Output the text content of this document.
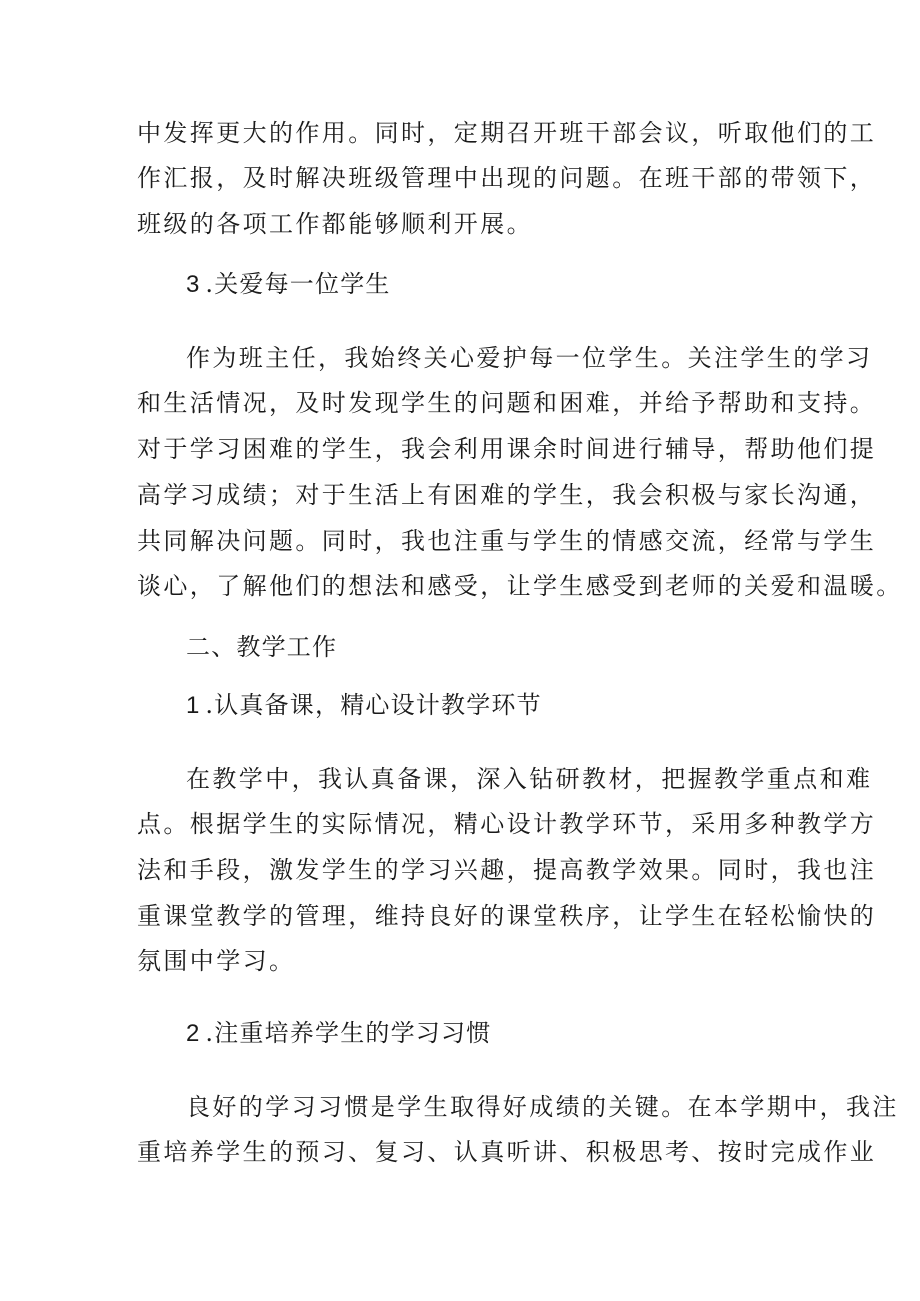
中发挥更大的作用。同时，定期召开班干部会议，听取他们的工
作汇报，及时解决班级管理中出现的问题。在班干部的带领下，
班级的各项工作都能够顺利开展。
3 .关爱每一位学生
作为班主任，我始终关心爱护每一位学生。关注学生的学习
和生活情况，及时发现学生的问题和困难，并给予帮助和支持。
对于学习困难的学生，我会利用课余时间进行辅导，帮助他们提
高学习成绩；对于生活上有困难的学生，我会积极与家长沟通，
共同解决问题。同时，我也注重与学生的情感交流，经常与学生
谈心，了解他们的想法和感受，让学生感受到老师的关爱和温暖。
二、教学工作
1 .认真备课，精心设计教学环节
在教学中，我认真备课，深入钻研教材，把握教学重点和难
点。根据学生的实际情况，精心设计教学环节，采用多种教学方
法和手段，激发学生的学习兴趣，提高教学效果。同时，我也注
重课堂教学的管理，维持良好的课堂秩序，让学生在轻松愉快的
氛围中学习。
2 .注重培养学生的学习习惯
良好的学习习惯是学生取得好成绩的关键。在本学期中，我注
重培养学生的预习、复习、认真听讲、积极思考、按时完成作业
